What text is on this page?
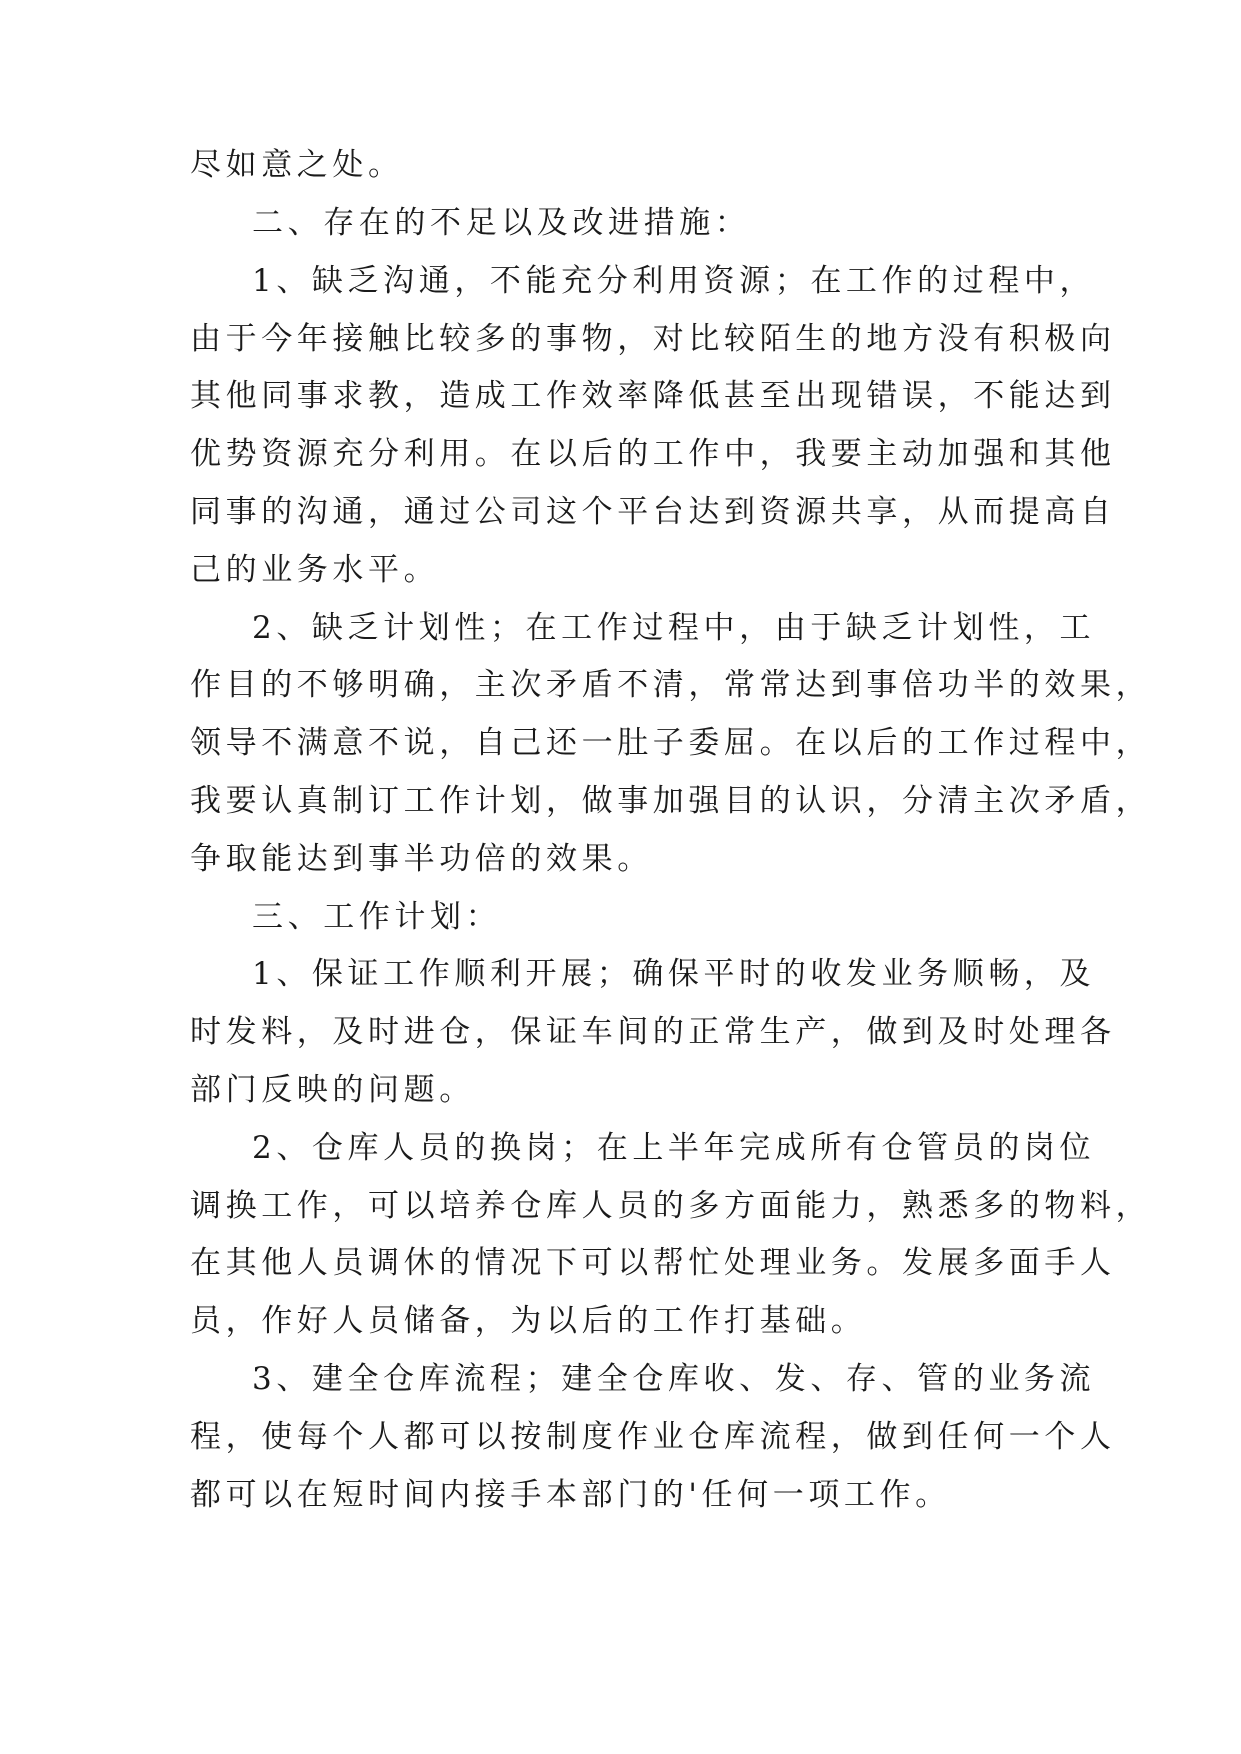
尽如意之处。
二、存在的不足以及改进措施：
1、缺乏沟通，不能充分利用资源；在工作的过程中，
由于今年接触比较多的事物，对比较陌生的地方没有积极向
其他同事求教，造成工作效率降低甚至出现错误，不能达到
优势资源充分利用。在以后的工作中，我要主动加强和其他
同事的沟通，通过公司这个平台达到资源共享，从而提高自
己的业务水平。
2、缺乏计划性；在工作过程中，由于缺乏计划性，工
作目的不够明确，主次矛盾不清，常常达到事倍功半的效果，
领导不满意不说，自己还一肚子委屈。在以后的工作过程中，
我要认真制订工作计划，做事加强目的认识，分清主次矛盾，
争取能达到事半功倍的效果。
三、工作计划：
1、保证工作顺利开展；确保平时的收发业务顺畅，及
时发料，及时进仓，保证车间的正常生产，做到及时处理各
部门反映的问题。
2、仓库人员的换岗；在上半年完成所有仓管员的岗位
调换工作，可以培养仓库人员的多方面能力，熟悉多的物料，
在其他人员调休的情况下可以帮忙处理业务。发展多面手人
员，作好人员储备，为以后的工作打基础。
3、建全仓库流程；建全仓库收、发、存、管的业务流
程，使每个人都可以按制度作业仓库流程，做到任何一个人
都可以在短时间内接手本部门的'任何一项工作。
